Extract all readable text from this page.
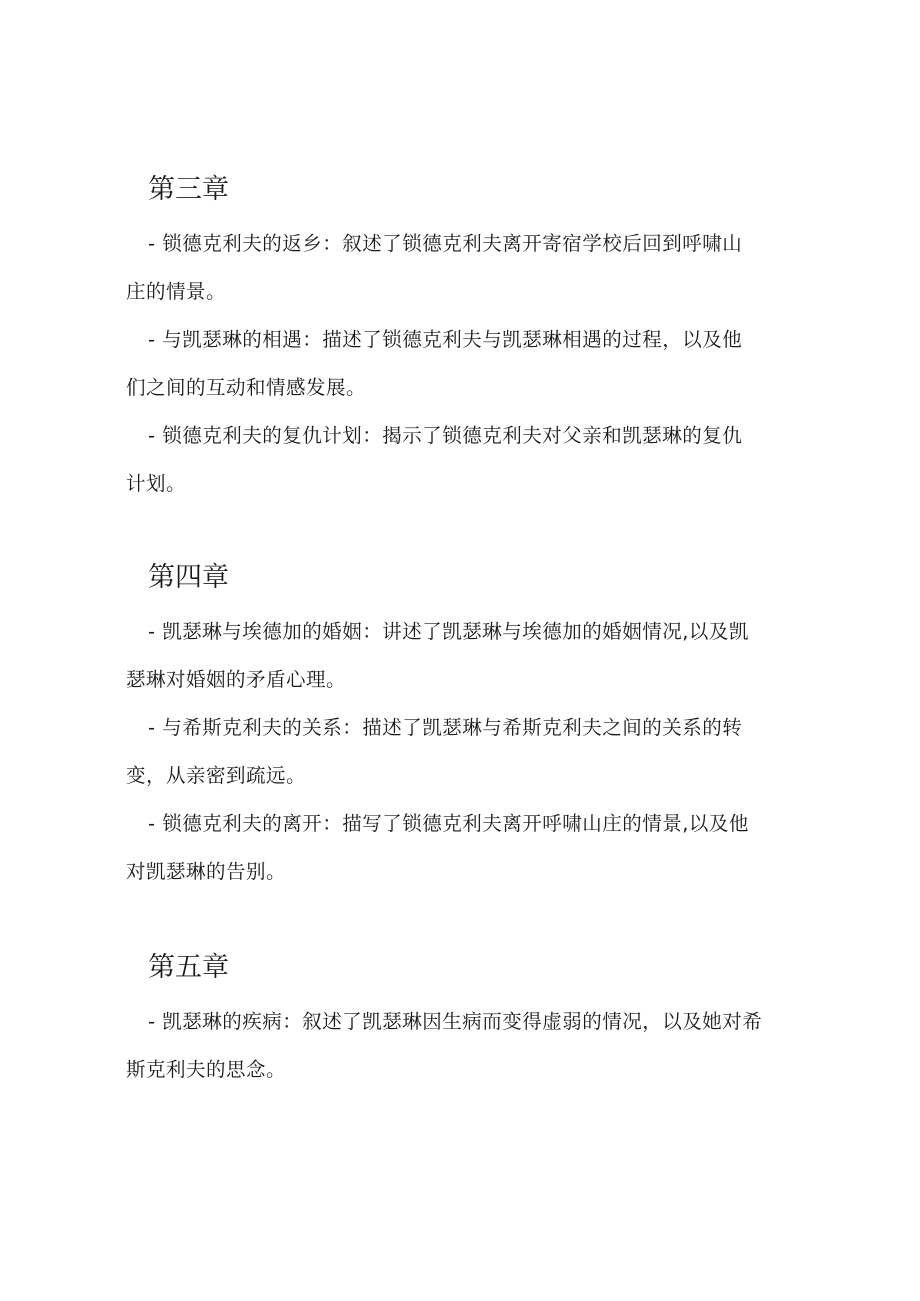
第三章

- 锁德克利夫的返乡：叙述了锁德克利夫离开寄宿学校后回到呼啸山
庄的情景。

- 与凯瑟琳的相遇：描述了锁德克利夫与凯瑟琳相遇的过程，以及他
们之间的互动和情感发展。

- 锁德克利夫的复仇计划：揭示了锁德克利夫对父亲和凯瑟琳的复仇
计划。

第四章

- 凯瑟琳与埃德加的婚姻：讲述了凯瑟琳与埃德加的婚姻情况,以及凯
瑟琳对婚姻的矛盾心理。

- 与希斯克利夫的关系：描述了凯瑟琳与希斯克利夫之间的关系的转
变，从亲密到疏远。

- 锁德克利夫的离开：描写了锁德克利夫离开呼啸山庄的情景,以及他
对凯瑟琳的告别。

第五章

- 凯瑟琳的疾病：叙述了凯瑟琳因生病而变得虚弱的情况，以及她对希
斯克利夫的思念。
